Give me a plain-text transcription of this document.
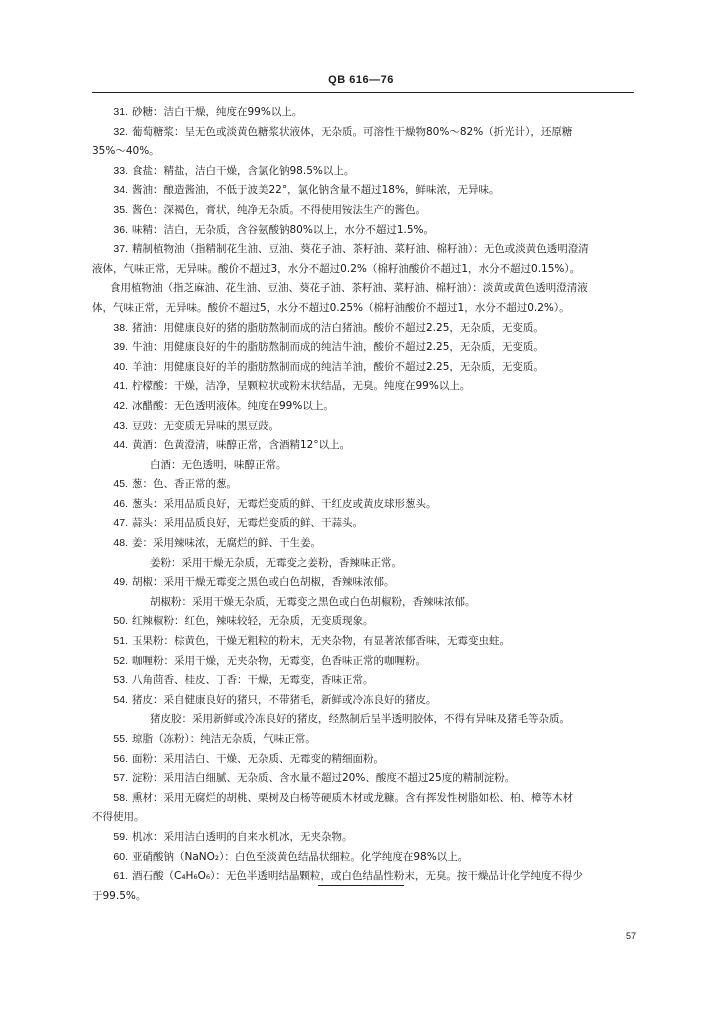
QB 616—76
31. 砂糖：洁白干燥，纯度在99%以上。
32. 葡萄糖浆：呈无色或淡黄色糖浆状液体，无杂质。可溶性干燥物80%～82%（折光计），还原糖
35%～40%。
33. 食盐：精盐，洁白干燥，含氯化钠98.5%以上。
34. 酱油：酿造酱油，不低于波美22°，氯化钠含量不超过18%，鲜味浓，无异味。
35. 酱色：深褐色，膏状，纯净无杂质。不得使用铵法生产的酱色。
36. 味精：洁白，无杂质，含谷氨酸钠80%以上，水分不超过1.5%。
37. 精制植物油（指精制花生油、豆油、葵花子油、茶籽油、菜籽油、棉籽油）：无色或淡黄色透明澄清
液体，气味正常，无异味。酸价不超过3，水分不超过0.2%（棉籽油酸价不超过1，水分不超过0.15%）。
食用植物油（指芝麻油、花生油、豆油、葵花子油、茶籽油、菜籽油、棉籽油）：淡黄或黄色透明澄清液
体，气味正常，无异味。酸价不超过5，水分不超过0.25%（棉籽油酸价不超过1，水分不超过0.2%）。
38. 猪油：用健康良好的猪的脂肪熬制而成的洁白猪油。酸价不超过2.25，无杂质，无变质。
39. 牛油：用健康良好的牛的脂肪熬制而成的纯洁牛油，酸价不超过2.25，无杂质，无变质。
40. 羊油：用健康良好的羊的脂肪熬制而成的纯洁羊油，酸价不超过2.25，无杂质，无变质。
41. 柠檬酸：干燥，洁净，呈颗粒状或粉末状结晶，无臭。纯度在99%以上。
42. 冰醋酸：无色透明液体。纯度在99%以上。
43. 豆豉：无变质无异味的黑豆豉。
44. 黄酒：色黄澄清，味醇正常，含酒精12°以上。
白酒：无色透明，味醇正常。
45. 葱：色、香正常的葱。
46. 葱头：采用品质良好，无霉烂变质的鲜、干红皮或黄皮球形葱头。
47. 蒜头：采用品质良好，无霉烂变质的鲜、干蒜头。
48. 姜：采用辣味浓，无腐烂的鲜、干生姜。
姜粉：采用干燥无杂质，无霉变之姜粉，香辣味正常。
49. 胡椒：采用干燥无霉变之黑色或白色胡椒，香辣味浓郁。
胡椒粉：采用干燥无杂质，无霉变之黑色或白色胡椒粉，香辣味浓郁。
50. 红辣椒粉：红色，辣味较轻，无杂质，无变质现象。
51. 玉果粉：棕黄色，干燥无粗粒的粉末，无夹杂物，有显著浓郁香味，无霉变虫蛀。
52. 咖喱粉：采用干燥，无夹杂物，无霉变，色香味正常的咖喱粉。
53. 八角茴香、桂皮、丁香：干燥，无霉变，香味正常。
54. 猪皮：采自健康良好的猪只，不带猪毛，新鲜或冷冻良好的猪皮。
猪皮胶：采用新鲜或冷冻良好的猪皮，经熬制后呈半透明胶体，不得有异味及猪毛等杂质。
55. 琼脂（冻粉）：纯洁无杂质，气味正常。
56. 面粉：采用洁白、干燥、无杂质、无霉变的精细面粉。
57. 淀粉：采用洁白细腻、无杂质、含水量不超过20%、酸度不超过25度的精制淀粉。
58. 熏材：采用无腐烂的胡桃、栗树及白杨等硬质木材或龙糠。含有挥发性树脂如松、柏、樟等木材
不得使用。
59. 机冰：采用洁白透明的自来水机冰，无夹杂物。
60. 亚硝酸钠（NaNO₂）：白色至淡黄色结晶状细粒。化学纯度在98%以上。
61. 酒石酸（C₄H₆O₆）：无色半透明结晶颗粒，或白色结晶性粉末，无臭。按干燥品计化学纯度不得少
于99.5%。
57
